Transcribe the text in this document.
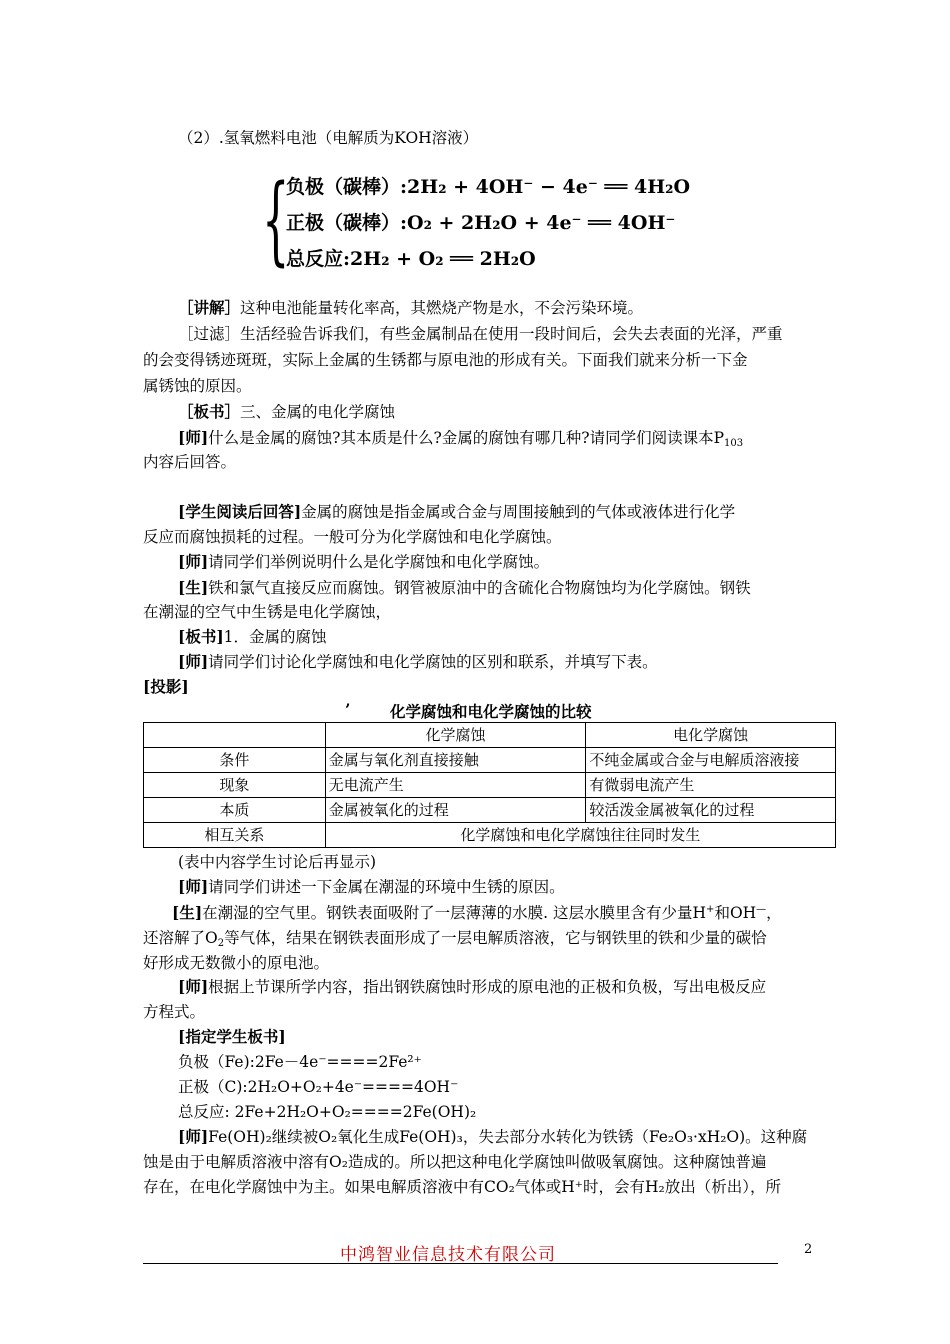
（2）.氢氧燃料电池（电解质为KOH溶液）
{
负极（碳棒）:2H₂ + 4OH⁻ − 4e⁻ ══ 4H₂O
正极（碳棒）:O₂ + 2H₂O + 4e⁻ ══ 4OH⁻
总反应:2H₂ + O₂ ══ 2H₂O
［讲解］这种电池能量转化率高，其燃烧产物是水，不会污染环境。
［过滤］生活经验告诉我们，有些金属制品在使用一段时间后，会失去表面的光泽，严重
的会变得锈迹斑斑，实际上金属的生锈都与原电池的形成有关。下面我们就来分析一下金
属锈蚀的原因。
［板书］三、金属的电化学腐蚀
[师]什么是金属的腐蚀?其本质是什么?金属的腐蚀有哪几种?请同学们阅读课本$P_{103}$
内容后回答。
[学生阅读后回答]金属的腐蚀是指金属或合金与周围接触到的气体或液体进行化学
反应而腐蚀损耗的过程。一般可分为化学腐蚀和电化学腐蚀。
[师]请同学们举例说明什么是化学腐蚀和电化学腐蚀。
[生]铁和氯气直接反应而腐蚀。钢管被原油中的含硫化合物腐蚀均为化学腐蚀。钢铁
在潮湿的空气中生锈是电化学腐蚀，
[板书]1．金属的腐蚀
[师]请同学们讨论化学腐蚀和电化学腐蚀的区别和联系，并填写下表。
[投影]
’	化学腐蚀和电化学腐蚀的比较
	化学腐蚀	电化学腐蚀
条件	金属与氧化剂直接接触	不纯金属或合金与电解质溶液接
现象	无电流产生	有微弱电流产生
本质	金属被氧化的过程	较活泼金属被氧化的过程
相互关系	化学腐蚀和电化学腐蚀往往同时发生	
(表中内容学生讨论后再显示)
[师]请同学们讲述一下金属在潮湿的环境中生锈的原因。
[生]在潮湿的空气里。钢铁表面吸附了一层薄薄的水膜. 这层水膜里含有少量H+和OH—，
还溶解了$O_2$等气体，结果在钢铁表面形成了一层电解质溶液，它与钢铁里的铁和少量的碳恰
好形成无数微小的原电池。
[师]根据上节课所学内容，指出钢铁腐蚀时形成的原电池的正极和负极，写出电极反应
方程式。
[指定学生板书]
负极（Fe):2Fe－4e⁻====2Fe²⁺
正极（C):2H₂O+O₂+4e⁻====4OH⁻
总反应: 2Fe+2H₂O+O₂====2Fe(OH)₂
[师]Fe(OH)₂继续被O₂氧化生成Fe(OH)₃，失去部分水转化为铁锈（Fe₂O₃·xH₂O)。这种腐
蚀是由于电解质溶液中溶有O₂造成的。所以把这种电化学腐蚀叫做吸氧腐蚀。这种腐蚀普遍
存在，在电化学腐蚀中为主。如果电解质溶液中有CO₂气体或H⁺时，会有H₂放出（析出），所
中鸿智业信息技术有限公司	2
